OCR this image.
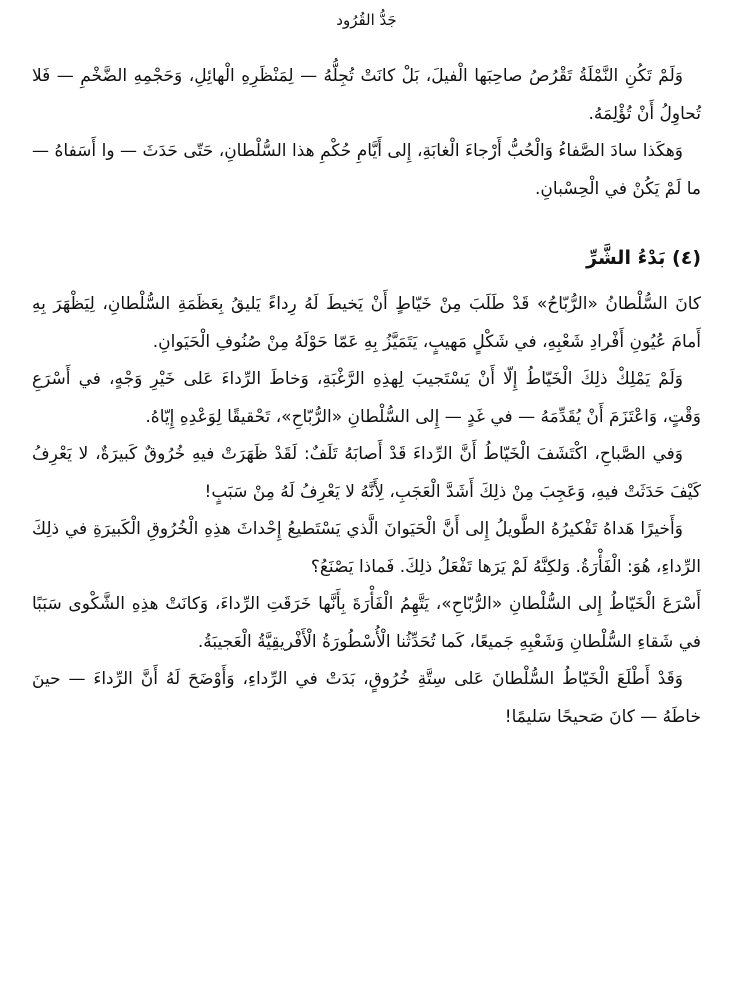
جَدُّ القُرُود

وَلَمْ تَكُنِ النَّمْلَةُ تَقْرُصُ صاحِبَها الْفيلَ، بَلْ كانَتْ تُجِلُّهُ — لِمَنْظَرِهِ الْهائِلِ، وَحَجْمِهِ الضَّخْمِ — فَلا تُحاوِلُ أَنْ تُؤْلِمَهُ.

وَهكَذا سادَ الصَّفاءُ وَالْحُبُّ أَرْجاءَ الْغابَةِ، إِلى أَيَّامِ حُكْمِ هذا السُّلْطانِ، حَتّى حَدَثَ — وا أَسَفاهُ — ما لَمْ يَكُنْ في الْحِسْبانِ.

(٤) بَدْءُ الشَّرِّ

كانَ السُّلْطانُ «الرُّبّاحُ» قَدْ طَلَبَ مِنْ خَيّاطٍ أَنْ يَخيطَ لَهُ رِداءً يَليقُ بِعَظَمَةِ السُّلْطانِ، لِيَظْهَرَ بِهِ أَمامَ عُيُونِ أَفْرادِ شَعْبِهِ، في شَكْلٍ مَهيبٍ، يَتَمَيَّزُ بِهِ عَمّا حَوْلَهُ مِنْ صُنُوفِ الْحَيَوانِ.

وَلَمْ يَمْلِكْ ذلِكَ الْخَيّاطُ إِلّا أَنْ يَسْتَجيبَ لِهذِهِ الرَّغْبَةِ، وَخاطَ الرِّداءَ عَلى خَيْرِ وَجْهٍ، في أَسْرَعِ وَقْتٍ، وَاعْتَزَمَ أَنْ يُقَدِّمَهُ — في غَدٍ — إِلى السُّلْطانِ «الرُّبّاحِ»، تَحْقيقًا لِوَعْدِهِ إِيّاهُ.

وَفي الصَّباحِ، اكْتَشَفَ الْخَيّاطُ أَنَّ الرِّداءَ قَدْ أَصابَهُ تَلَفٌ: لَقَدْ ظَهَرَتْ فيهِ خُرُوقٌ كَبيرَةٌ، لا يَعْرِفُ كَيْفَ حَدَثَتْ فيهِ، وَعَجِبَ مِنْ ذلِكَ أَشَدَّ الْعَجَبِ، لِأَنَّهُ لا يَعْرِفُ لَهُ مِنْ سَبَبٍ!

وَأَخيرًا هَداهُ تَفْكيرُهُ الطَّويلُ إِلى أَنَّ الْحَيَوانَ الَّذي يَسْتَطيعُ إِحْداثَ هذِهِ الْخُرُوقِ الْكَبيرَةِ في ذلِكَ الرِّداءِ، هُوَ: الْفَأْرَةُ. وَلكِنَّهُ لَمْ يَرَها تَفْعَلُ ذلِكَ. فَماذا يَصْنَعُ؟

أَسْرَعَ الْخَيّاطُ إِلى السُّلْطانِ «الرُّبّاحِ»، يَتَّهِمُ الْفَأْرَةَ بِأَنَّها خَرَقَتِ الرِّداءَ، وَكانَتْ هذِهِ الشَّكْوى سَبَبًا في شَقاءِ السُّلْطانِ وَشَعْبِهِ جَميعًا، كَما تُحَدِّثُنا الْأُسْطُورَةُ الْأَفْريقِيَّةُ الْعَجيبَةُ.

وَقَدْ أَطْلَعَ الْخَيّاطُ السُّلْطانَ عَلى سِتَّةِ خُرُوقٍ، بَدَتْ في الرِّداءِ، وَأَوْضَحَ لَهُ أَنَّ الرِّداءَ — حينَ خاطَهُ — كانَ صَحيحًا سَليمًا!
